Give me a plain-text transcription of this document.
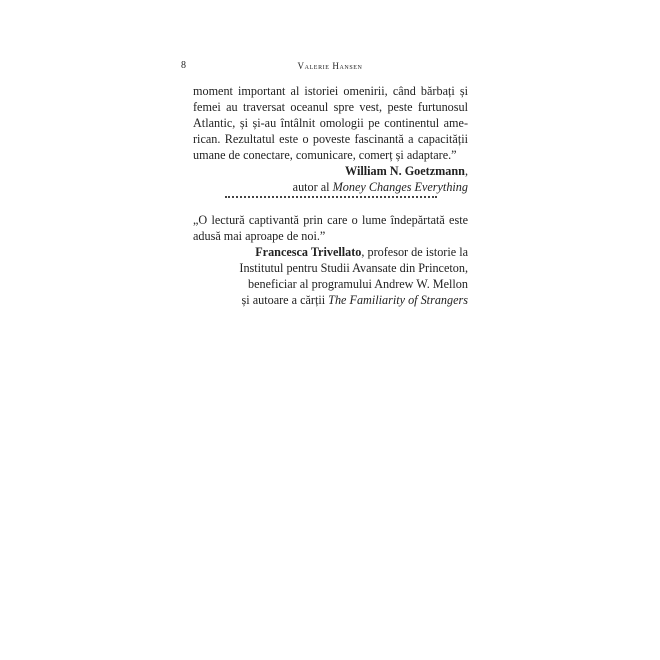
8	Valerie Hansen
moment important al istoriei omenirii, când bărbați și
femei au traversat oceanul spre vest, peste furtunosul
Atlantic, și și-au întâlnit omologii pe continentul ame-
rican. Rezultatul este o poveste fascinantă a capacității
umane de conectare, comunicare, comerț și adaptare.”
William N. Goetzmann,
autor al Money Changes Everything
„O lectură captivantă prin care o lume îndepărtată este
adusă mai aproape de noi.”
Francesca Trivellato, profesor de istorie la
Institutul pentru Studii Avansate din Princeton,
beneficiar al programului Andrew W. Mellon
și autoare a cărții The Familiarity of Strangers
